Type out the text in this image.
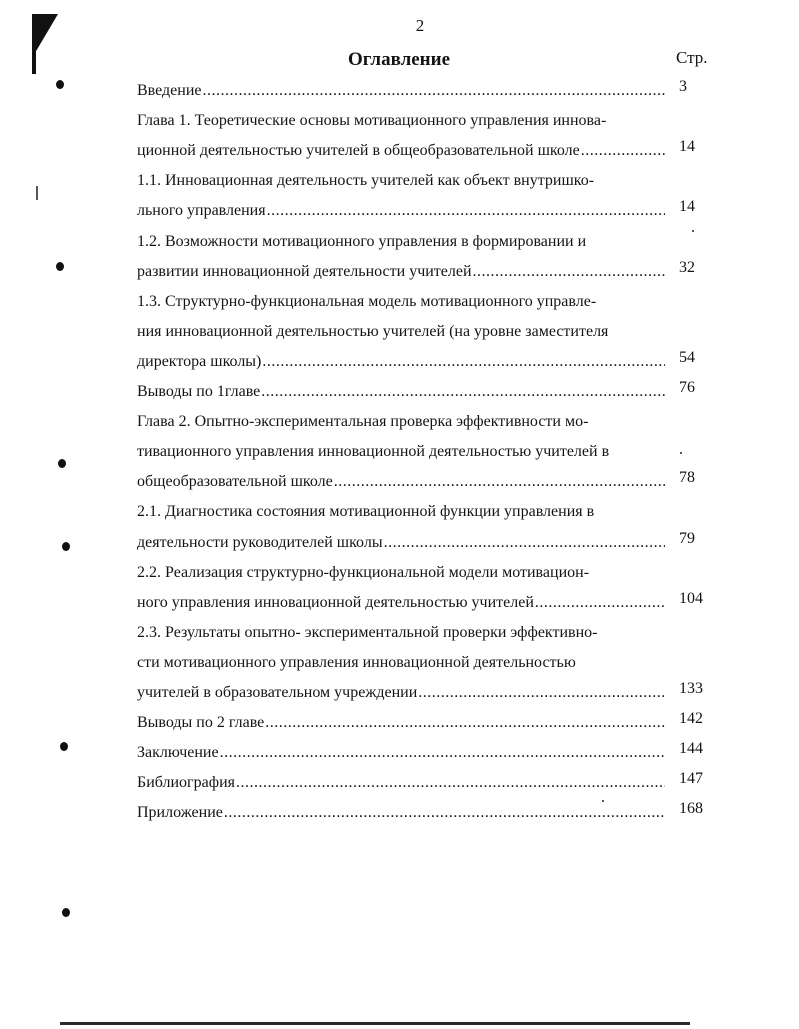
2
Оглавление	Стр.
Введение .....	3
Глава 1. Теоретические основы мотивационного управления иннова-
ционной деятельностью учителей в общеобразовательной школе .....	14
1.1. Инновационная деятельность учителей как объект внутришко-
льного управления .....	14
1.2. Возможности мотивационного управления в формировании и
развитии инновационной деятельности учителей .....	32
1.3. Структурно-функциональная модель мотивационного управле-
ния инновационной деятельностью учителей (на уровне заместителя
директора школы) .....	54
Выводы по 1главе .....	76
Глава 2. Опытно-экспериментальная проверка эффективности мо-
тивационного управления инновационной деятельностью учителей в
общеобразовательной школе .....	78
2.1. Диагностика состояния мотивационной функции управления в
деятельности руководителей школы .....	79
2.2. Реализация структурно-функциональной модели мотивацион-
ного управления инновационной деятельностью учителей .....	104
2.3. Результаты опытно- экспериментальной проверки эффективно-
сти мотивационного управления инновационной деятельностью
учителей в образовательном учреждении .....	133
Выводы по 2 главе .....	142
Заключение .....	144
Библиография .....	147
Приложение .....	168
